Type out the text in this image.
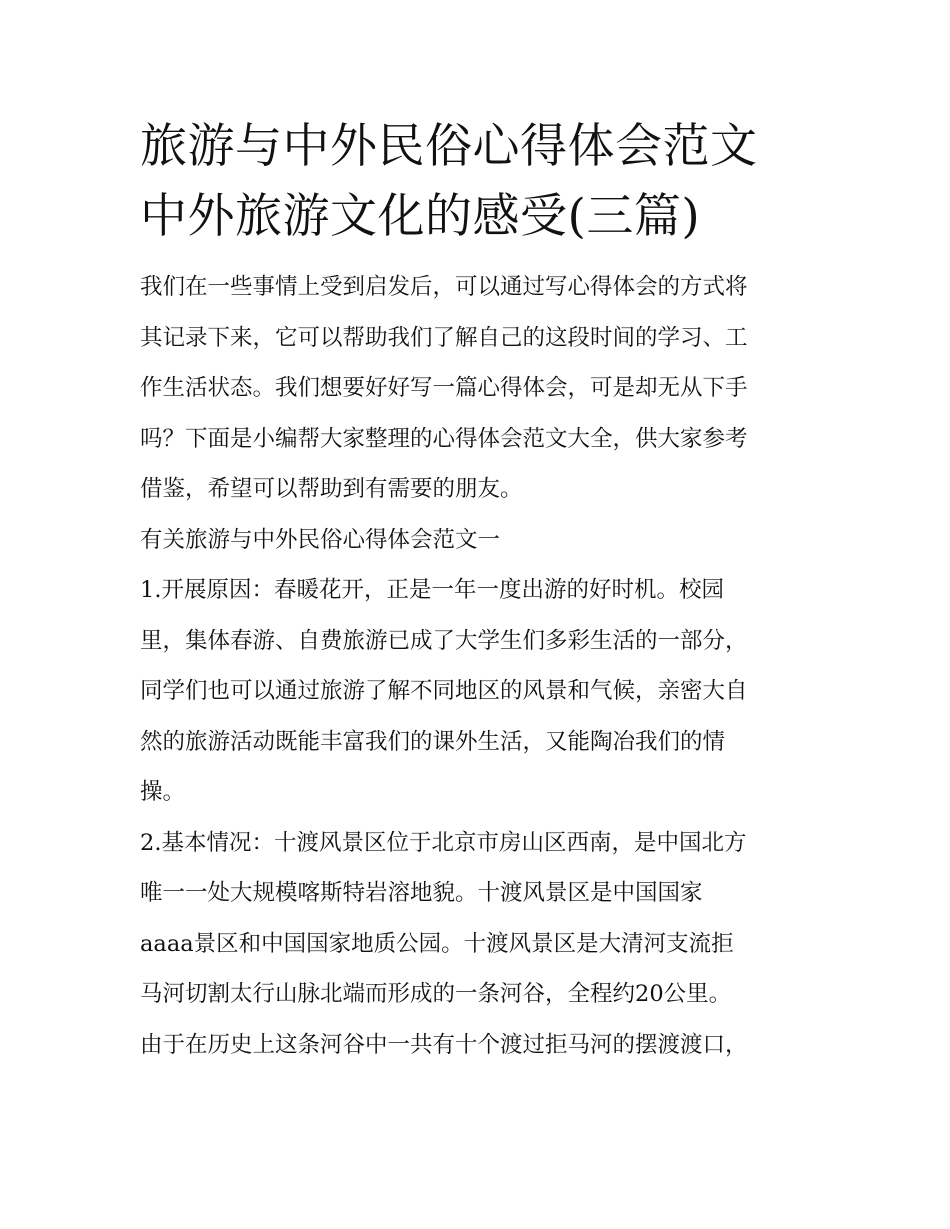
旅游与中外民俗心得体会范文
中外旅游文化的感受(三篇)
我们在一些事情上受到启发后，可以通过写心得体会的方式将
其记录下来，它可以帮助我们了解自己的这段时间的学习、工
作生活状态。我们想要好好写一篇心得体会，可是却无从下手
吗？下面是小编帮大家整理的心得体会范文大全，供大家参考
借鉴，希望可以帮助到有需要的朋友。
有关旅游与中外民俗心得体会范文一
1.开展原因：春暖花开，正是一年一度出游的好时机。校园
里，集体春游、自费旅游已成了大学生们多彩生活的一部分，
同学们也可以通过旅游了解不同地区的风景和气候，亲密大自
然的旅游活动既能丰富我们的课外生活，又能陶冶我们的情
操。
2.基本情况：十渡风景区位于北京市房山区西南，是中国北方
唯一一处大规模喀斯特岩溶地貌。十渡风景区是中国国家
aaaa景区和中国国家地质公园。十渡风景区是大清河支流拒
马河切割太行山脉北端而形成的一条河谷，全程约20公里。
由于在历史上这条河谷中一共有十个渡过拒马河的摆渡渡口，
